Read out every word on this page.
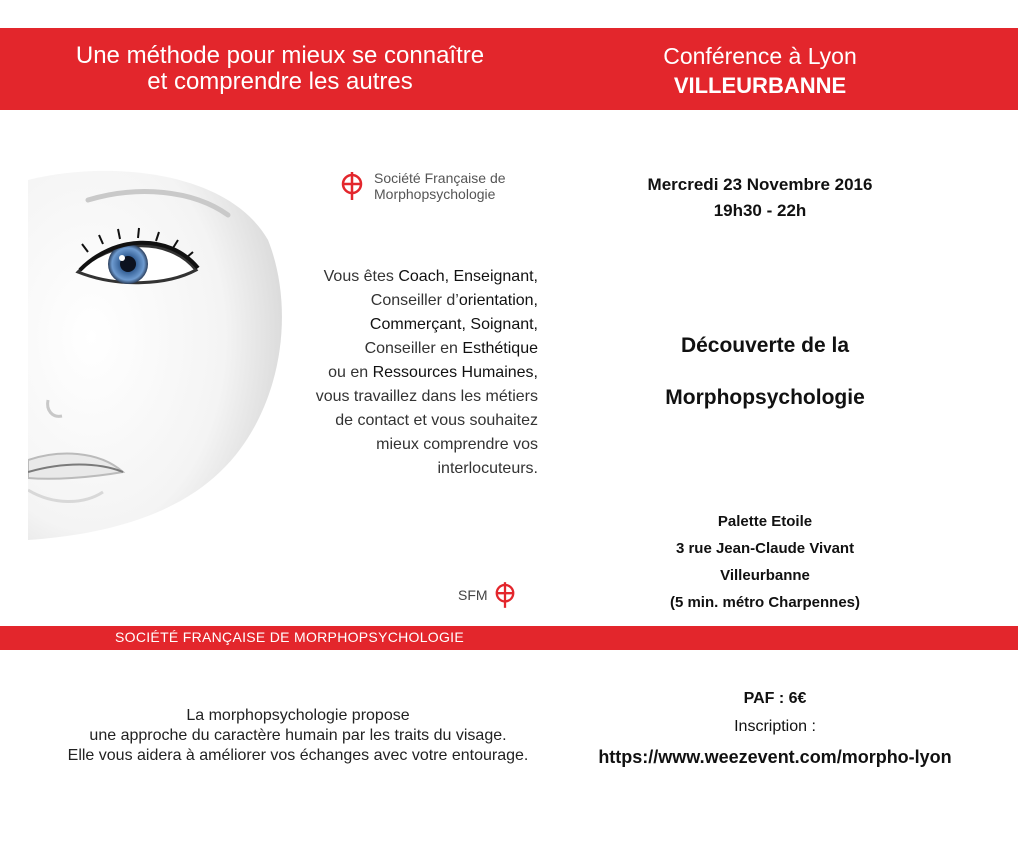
Une méthode pour mieux se connaître
et comprendre les autres
Conférence à Lyon
VILLEURBANNE
Société Française de
Morphopsychologie
Vous êtes Coach, Enseignant,
Conseiller d’orientation,
Commerçant, Soignant,
Conseiller en Esthétique
ou en Ressources Humaines,
vous travaillez dans les métiers
de contact et vous souhaitez
mieux comprendre vos
interlocuteurs.
SFM
Mercredi 23 Novembre 2016
19h30 - 22h
Découverte de la
Morphopsychologie
Palette Etoile
3 rue Jean-Claude Vivant
Villeurbanne
(5 min. métro Charpennes)
SOCIÉTÉ FRANÇAISE DE MORPHOPSYCHOLOGIE
La morphopsychologie propose
une approche du caractère humain par les traits du visage.
Elle vous aidera à améliorer vos échanges avec votre entourage.
PAF : 6€
Inscription :
https://www.weezevent.com/morpho-lyon
